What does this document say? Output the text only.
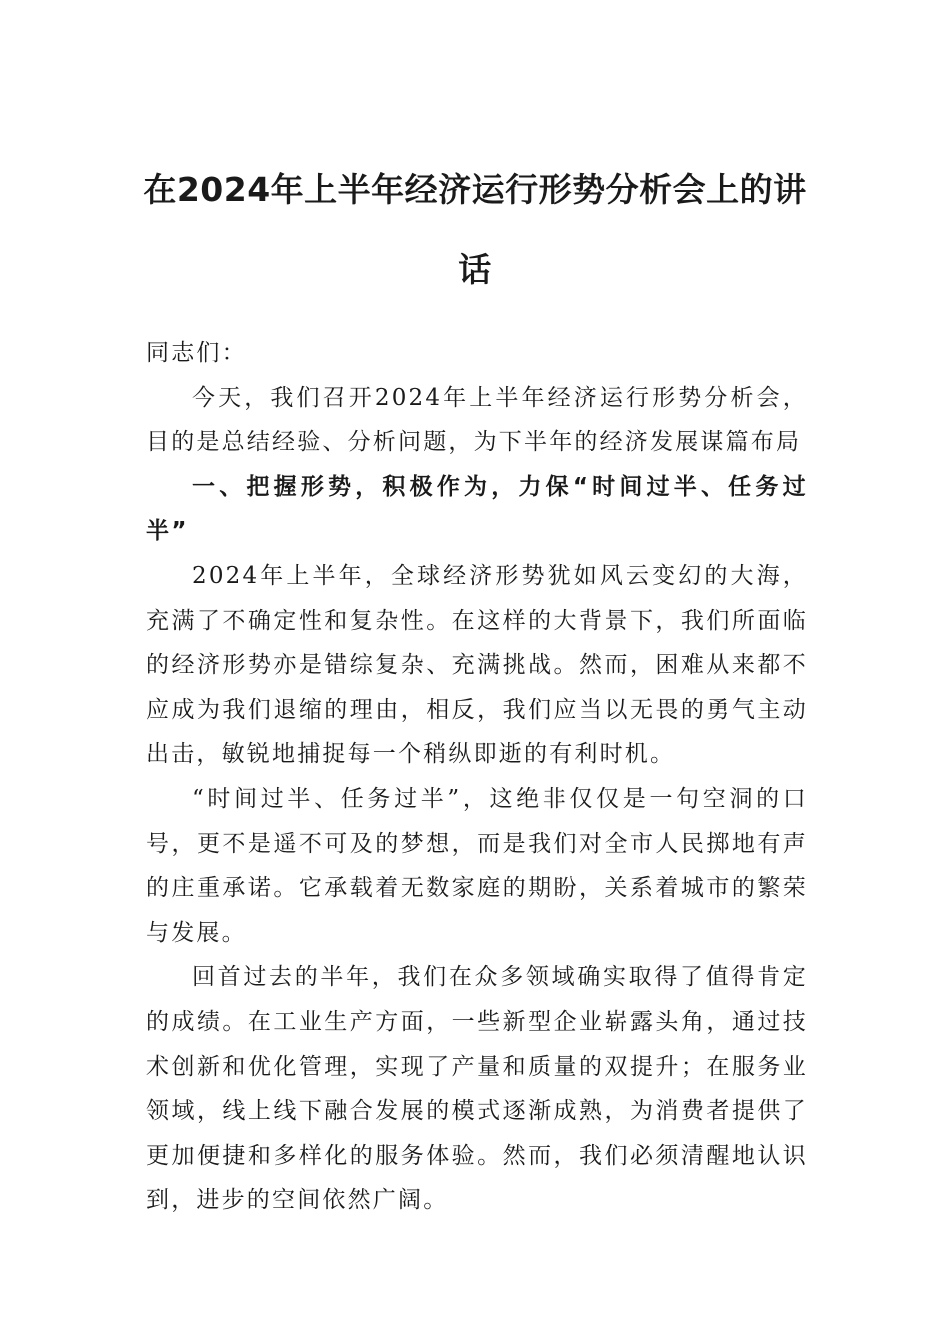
在2024年上半年经济运行形势分析会上的讲话

同志们：

今天，我们召开2024年上半年经济运行形势分析会，目的是总结经验、分析问题，为下半年的经济发展谋篇布局

一、把握形势，积极作为，力保“时间过半、任务过半”

2024年上半年，全球经济形势犹如风云变幻的大海，充满了不确定性和复杂性。在这样的大背景下，我们所面临的经济形势亦是错综复杂、充满挑战。然而，困难从来都不应成为我们退缩的理由，相反，我们应当以无畏的勇气主动出击，敏锐地捕捉每一个稍纵即逝的有利时机。

“时间过半、任务过半”，这绝非仅仅是一句空洞的口号，更不是遥不可及的梦想，而是我们对全市人民掷地有声的庄重承诺。它承载着无数家庭的期盼，关系着城市的繁荣与发展。

回首过去的半年，我们在众多领域确实取得了值得肯定的成绩。在工业生产方面，一些新型企业崭露头角，通过技术创新和优化管理，实现了产量和质量的双提升；在服务业领域，线上线下融合发展的模式逐渐成熟，为消费者提供了更加便捷和多样化的服务体验。然而，我们必须清醒地认识到，进步的空间依然广阔。
